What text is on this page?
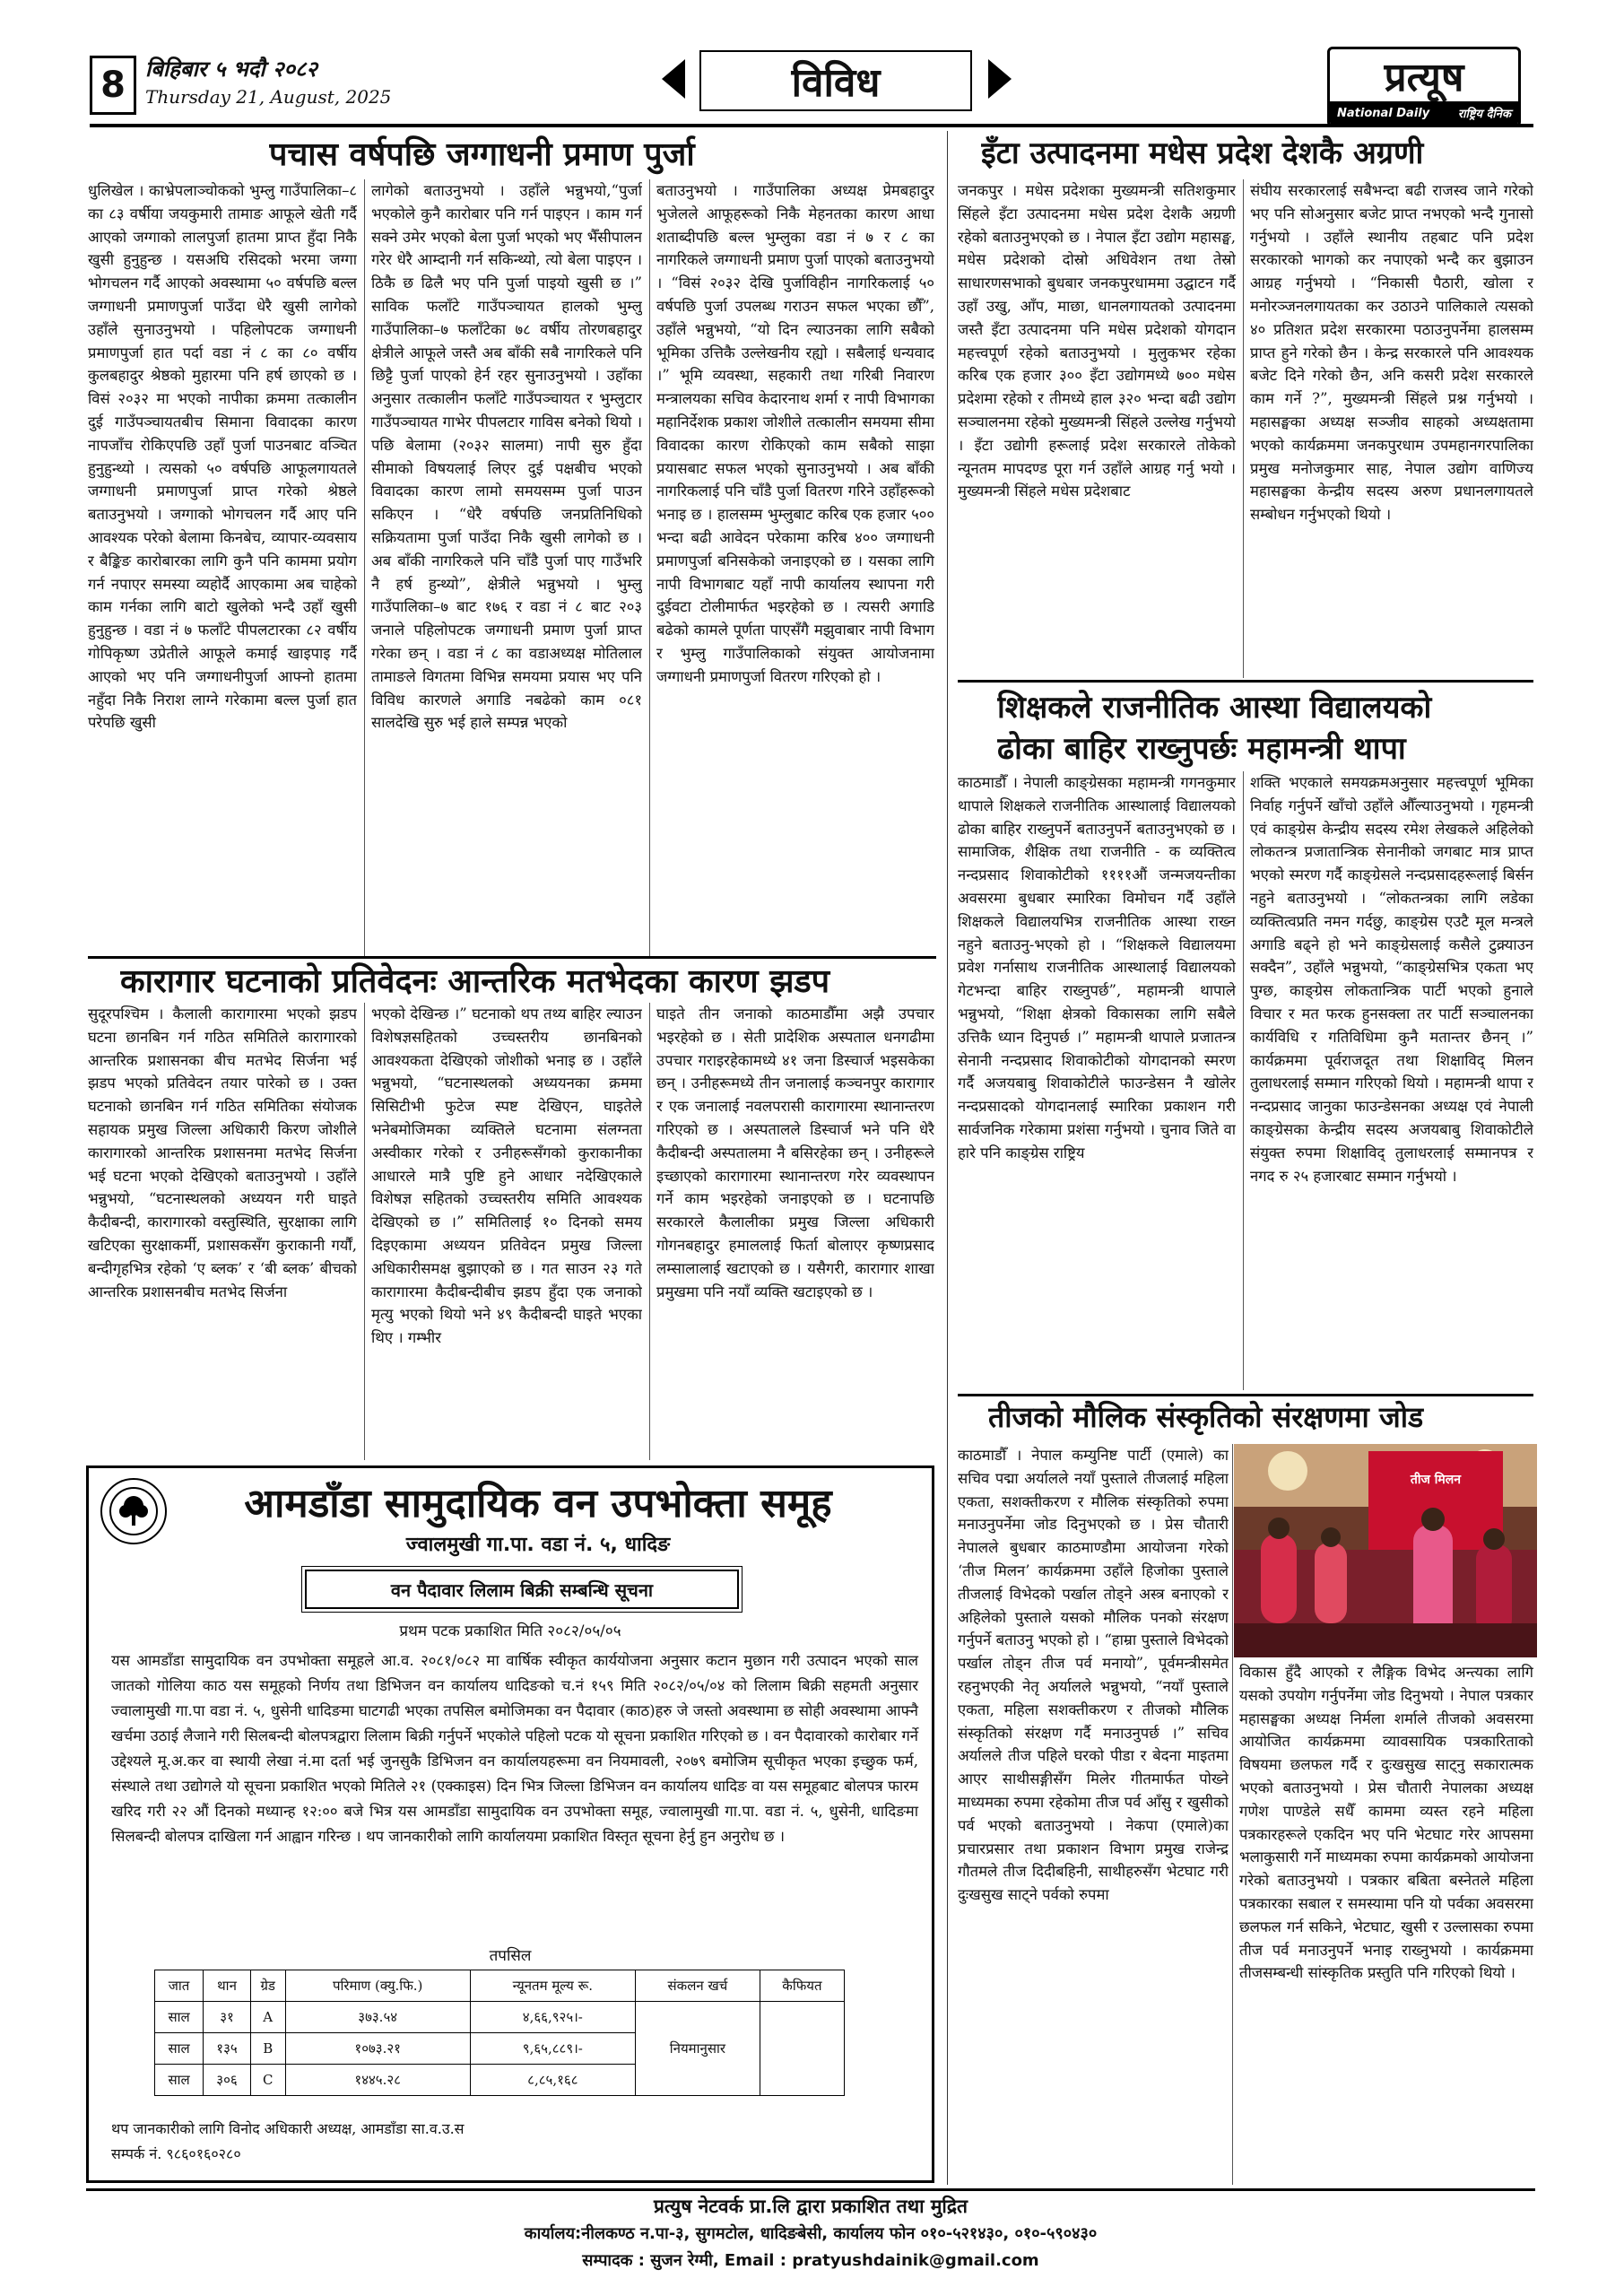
8 बिहिबार ५ भदौ २०८२
Thursday 21, August, 2025	विविध	प्रत्यूष
National Daily	राष्ट्रिय दैनिक
पचास वर्षपछि जग्गाधनी प्रमाण पुर्जा

धुलिखेल । काभ्रेपलाञ्चोकको भुम्लु गाउँपालिका–८ का ८३ वर्षीया जयकुमारी तामाङ आफूले खेती गर्दै आएको जग्गाको लालपुर्जा हातमा प्राप्त हुँदा निकै खुसी हुनुहुन्छ । यसअघि रसिदको भरमा जग्गा भोगचलन गर्दै आएको अवस्थामा ५० वर्षपछि बल्ल जग्गाधनी प्रमाणपुर्जा पाउँदा धेरै खुसी लागेको उहाँले सुनाउनुभयो । पहिलोपटक जग्गाधनी प्रमाणपुर्जा हात पर्दा वडा नं ८ का ८० वर्षीय कुलबहादुर श्रेष्ठको मुहारमा पनि हर्ष छाएको छ । विसं २०३२ मा भएको नापीका क्रममा तत्कालीन दुई गाउँपञ्चायतबीच सिमाना विवादका कारण नापजाँच रोकिएपछि उहाँ पुर्जा पाउनबाट वञ्चित हुनुहुन्थ्यो । त्यसको ५० वर्षपछि आफूलगायतले जग्गाधनी प्रमाणपुर्जा प्राप्त गरेको श्रेष्ठले बताउनुभयो । जग्गाको भोगचलन गर्दै आए पनि आवश्यक परेको बेलामा किनबेच, व्यापार-व्यवसाय र बैङ्किङ कारोबारका लागि कुनै पनि काममा प्रयोग गर्न नपाएर समस्या व्यहोर्दै आएकामा अब चाहेको काम गर्नका लागि बाटो खुलेको भन्दै उहाँ खुसी हुनुहुन्छ । वडा नं ७ फलाँटे पीपलटारका ८२ वर्षीय गोपिकृष्ण उप्रेतीले आफूले कमाई खाइपाइ गर्दै आएको भए पनि जग्गाधनीपुर्जा आफ्नो हातमा नहुँदा निकै निराश लाग्ने गरेकामा बल्ल पुर्जा हात परेपछि खुसी

लागेको बताउनुभयो । उहाँले भन्नुभयो,“पुर्जा भएकोले कुनै कारोबार पनि गर्न पाइएन । काम गर्न सक्ने उमेर भएको बेला पुर्जा भएको भए भैँसीपालन गरेर धेरै आम्दानी गर्न सकिन्थ्यो, त्यो बेला पाइएन । ठिकै छ ढिलै भए पनि पुर्जा पाइयो खुसी छ ।” साविक फलाँटे गाउँपञ्चायत हालको भुम्लु गाउँपालिका–७ फलाँटेका ७८ वर्षीय तोरणबहादुर क्षेत्रीले आफूले जस्तै अब बाँकी सबै नागरिकले पनि छिट्टै पुर्जा पाएको हेर्न रहर सुनाउनुभयो । उहाँका अनुसार तत्कालीन फलाँटे गाउँपञ्चायत र भुम्लुटार गाउँपञ्चायत गाभेर पीपलटार गाविस बनेको थियो । पछि बेलामा (२०३२ सालमा) नापी सुरु हुँदा सीमाको विषयलाई लिएर दुई पक्षबीच भएको विवादका कारण लामो समयसम्म पुर्जा पाउन सकिएन । “धेरै वर्षपछि जनप्रतिनिधिको सक्रियतामा पुर्जा पाउँदा निकै खुसी लागेको छ । अब बाँकी नागरिकले पनि चाँडै पुर्जा पाए गाउँभरि नै हर्ष हुन्थ्यो”, क्षेत्रीले भन्नुभयो । भुम्लु गाउँपालिका–७ बाट १७६ र वडा नं ८ बाट २०३ जनाले पहिलोपटक जग्गाधनी प्रमाण पुर्जा प्राप्त गरेका छन् । वडा नं ८ का वडाअध्यक्ष मोतिलाल तामाङले विगतमा विभिन्न समयमा प्रयास भए पनि विविध कारणले अगाडि नबढेको काम ०८१ सालदेखि सुरु भई हाले सम्पन्न भएको

बताउनुभयो । गाउँपालिका अध्यक्ष प्रेमबहादुर भुजेलले आफूहरूको निकै मेहनतका कारण आधा शताब्दीपछि बल्ल भुम्लुका वडा नं ७ र ८ का नागरिकले जग्गाधनी प्रमाण पुर्जा पाएको बताउनुभयो । “विसं २०३२ देखि पुर्जाविहीन नागरिकलाई ५० वर्षपछि पुर्जा उपलब्ध गराउन सफल भएका छौँ”, उहाँले भन्नुभयो, “यो दिन ल्याउनका लागि सबैको भूमिका उत्तिकै उल्लेखनीय रह्यो । सबैलाई धन्यवाद ।” भूमि व्यवस्था, सहकारी तथा गरिबी निवारण मन्त्रालयका सचिव केदारनाथ शर्मा र नापी विभागका महानिर्देशक प्रकाश जोशीले तत्कालीन समयमा सीमा विवादका कारण रोकिएको काम सबैको साझा प्रयासबाट सफल भएको सुनाउनुभयो । अब बाँकी नागरिकलाई पनि चाँडै पुर्जा वितरण गरिने उहाँहरूको भनाइ छ । हालसम्म भुम्लुबाट करिब एक हजार ५०० भन्दा बढी आवेदन परेकामा करिब ४०० जग्गाधनी प्रमाणपुर्जा बनिसकेको जनाइएको छ । यसका लागि नापी विभागबाट यहाँ नापी कार्यालय स्थापना गरी दुईवटा टोलीमार्फत भइरहेको छ । त्यसरी अगाडि बढेको कामले पूर्णता पाएसँगै मझुवाबार नापी विभाग र भुम्लु गाउँपालिकाको संयुक्त आयोजनामा जग्गाधनी प्रमाणपुर्जा वितरण गरिएको हो ।

इँटा उत्पादनमा मधेस प्रदेश देशकै अग्रणी

जनकपुर । मधेस प्रदेशका मुख्यमन्त्री सतिशकुमार सिंहले इँटा उत्पादनमा मधेस प्रदेश देशकै अग्रणी रहेको बताउनुभएको छ । नेपाल इँटा उद्योग महासङ्घ, मधेस प्रदेशको दोस्रो अधिवेशन तथा तेस्रो साधारणसभाको बुधबार जनकपुरधाममा उद्घाटन गर्दै उहाँ उखु, आँप, माछा, धानलगायतको उत्पादनमा जस्तै इँटा उत्पादनमा पनि मधेस प्रदेशको योगदान महत्त्वपूर्ण रहेको बताउनुभयो । मुलुकभर रहेका करिब एक हजार ३०० इँटा उद्योगमध्ये ७०० मधेस प्रदेशमा रहेको र तीमध्ये हाल ३२० भन्दा बढी उद्योग सञ्चालनमा रहेको मुख्यमन्त्री सिंहले उल्लेख गर्नुभयो । इँटा उद्योगी हरूलाई प्रदेश सरकारले तोकेको न्यूनतम मापदण्ड पूरा गर्न उहाँले आग्रह गर्नु भयो । मुख्यमन्त्री सिंहले मधेस प्रदेशबाट

संघीय सरकारलाई सबैभन्दा बढी राजस्व जाने गरेको भए पनि सोअनुसार बजेट प्राप्त नभएको भन्दै गुनासो गर्नुभयो । उहाँले स्थानीय तहबाट पनि प्रदेश सरकारको भागको कर नपाएको भन्दै कर बुझाउन आग्रह गर्नुभयो । “निकासी पैठारी, खोला र मनोरञ्जनलगायतका कर उठाउने पालिकाले त्यसको ४० प्रतिशत प्रदेश सरकारमा पठाउनुपर्नेमा हालसम्म प्राप्त हुने गरेको छैन । केन्द्र सरकारले पनि आवश्यक बजेट दिने गरेको छैन, अनि कसरी प्रदेश सरकारले काम गर्ने ?”, मुख्यमन्त्री सिंहले प्रश्न गर्नुभयो । महासङ्घका अध्यक्ष सञ्जीव साहको अध्यक्षतामा भएको कार्यक्रममा जनकपुरधाम उपमहानगरपालिका प्रमुख मनोजकुमार साह, नेपाल उद्योग वाणिज्य महासङ्घका केन्द्रीय सदस्य अरुण प्रधानलगायतले सम्बोधन गर्नुभएको थियो ।

शिक्षकले राजनीतिक आस्था विद्यालयको
ढोका बाहिर राख्नुपर्छः महामन्त्री थापा

काठमाडौँ । नेपाली काङ्ग्रेसका महामन्त्री गगनकुमार थापाले शिक्षकले राजनीतिक आस्थालाई विद्यालयको ढोका बाहिर राख्नुपर्ने बताउनुपर्ने बताउनुभएको छ । सामाजिक, शैक्षिक तथा राजनीति - क व्यक्तित्व नन्दप्रसाद शिवाकोटीको ११११औं जन्मजयन्तीका अवसरमा बुधबार स्मारिका विमोचन गर्दै उहाँले शिक्षकले विद्यालयभित्र राजनीतिक आस्था राख्न नहुने बताउनु-भएको हो । “शिक्षकले विद्यालयमा प्रवेश गर्नासाथ राजनीतिक आस्थालाई विद्यालयको गेटभन्दा बाहिर राख्नुपर्छ”, महामन्त्री थापाले भन्नुभयो, “शिक्षा क्षेत्रको विकासका लागि सबैले उत्तिकै ध्यान दिनुपर्छ ।” महामन्त्री थापाले प्रजातन्त्र सेनानी नन्दप्रसाद शिवाकोटीको योगदानको स्मरण गर्दै अजयबाबु शिवाकोटीले फाउन्डेसन नै खोलेर नन्दप्रसादको योगदानलाई स्मारिका प्रकाशन गरी सार्वजनिक गरेकामा प्रशंसा गर्नुभयो । चुनाव जिते वा हारे पनि काङ्ग्रेस राष्ट्रिय

शक्ति भएकाले समयक्रमअनुसार महत्त्वपूर्ण भूमिका निर्वाह गर्नुपर्ने खाँचो उहाँले औँल्याउनुभयो । गृहमन्त्री एवं काङ्ग्रेस केन्द्रीय सदस्य रमेश लेखकले अहिलेको लोकतन्त्र प्रजातान्त्रिक सेनानीको जगबाट मात्र प्राप्त भएको स्मरण गर्दै काङ्ग्रेसले नन्दप्रसादहरूलाई बिर्सन नहुने बताउनुभयो । “लोकतन्त्रका लागि लडेका व्यक्तित्वप्रति नमन गर्दछु, काङ्ग्रेस एउटै मूल मन्त्रले अगाडि बढ्ने हो भने काङ्ग्रेसलाई कसैले टुक्र्याउन सक्दैन”, उहाँले भन्नुभयो, “काङ्ग्रेसभित्र एकता भए पुग्छ, काङ्ग्रेस लोकतान्त्रिक पार्टी भएको हुनाले विचार र मत फरक हुनसक्ला तर पार्टी सञ्चालनका कार्यविधि र गतिविधिमा कुनै मतान्तर छैनन् ।” कार्यक्रममा पूर्वराजदूत तथा शिक्षाविद् मिलन तुलाधरलाई सम्मान गरिएको थियो । महामन्त्री थापा र नन्दप्रसाद जानुका फाउन्डेसनका अध्यक्ष एवं नेपाली काङ्ग्रेसका केन्द्रीय सदस्य अजयबाबु शिवाकोटीले संयुक्त रुपमा शिक्षाविद् तुलाधरलाई सम्मानपत्र र नगद रु २५ हजारबाट सम्मान गर्नुभयो ।

कारागार घटनाको प्रतिवेदनः आन्तरिक मतभेदका कारण झडप

सुदूरपश्चिम । कैलाली कारागारमा भएको झडप घटना छानबिन गर्न गठित समितिले कारागारको आन्तरिक प्रशासनका बीच मतभेद सिर्जना भई झडप भएको प्रतिवेदन तयार पारेको छ । उक्त घटनाको छानबिन गर्न गठित समितिका संयोजक सहायक प्रमुख जिल्ला अधिकारी किरण जोशीले कारागारको आन्तरिक प्रशासनमा मतभेद सिर्जना भई घटना भएको देखिएको बताउनुभयो । उहाँले भन्नुभयो, “घटनास्थलको अध्ययन गरी घाइते कैदीबन्दी, कारागारको वस्तुस्थिति, सुरक्षाका लागि खटिएका सुरक्षाकर्मी, प्रशासकसँग कुराकानी गर्यौं, बन्दीगृहभित्र रहेको ‘ए ब्लक’ र ‘बी ब्लक’ बीचको आन्तरिक प्रशासनबीच मतभेद सिर्जना

भएको देखिन्छ ।” घटनाको थप तथ्य बाहिर ल्याउन विशेषज्ञसहितको उच्चस्तरीय छानबिनको आवश्यकता देखिएको जोशीको भनाइ छ । उहाँले भन्नुभयो, “घटनास्थलको अध्ययनका क्रममा सिसिटीभी फुटेज स्पष्ट देखिएन, घाइतेले भनेबमोजिमका व्यक्तिले घटनामा संलग्नता अस्वीकार गरेको र उनीहरूसँगको कुराकानीका आधारले मात्रै पुष्टि हुने आधार नदेखिएकाले विशेषज्ञ सहितको उच्चस्तरीय समिति आवश्यक देखिएको छ ।” समितिलाई १० दिनको समय दिइएकामा अध्ययन प्रतिवेदन प्रमुख जिल्ला अधिकारीसमक्ष बुझाएको छ । गत साउन २३ गते कारागारमा कैदीबन्दीबीच झडप हुँदा एक जनाको मृत्यु भएको थियो भने ४९ कैदीबन्दी घाइते भएका थिए । गम्भीर

घाइते तीन जनाको काठमाडौँमा अझै उपचार भइरहेको छ । सेती प्रादेशिक अस्पताल धनगढीमा उपचार गराइरहेकामध्ये ४१ जना डिस्चार्ज भइसकेका छन् । उनीहरूमध्ये तीन जनालाई कञ्चनपुर कारागार र एक जनालाई नवलपरासी कारागारमा स्थानान्तरण गरिएको छ । अस्पतालले डिस्चार्ज भने पनि धेरै कैदीबन्दी अस्पतालमा नै बसिरहेका छन् । उनीहरूले इच्छाएको कारागारमा स्थानान्तरण गरेर व्यवस्थापन गर्ने काम भइरहेको जनाइएको छ । घटनापछि सरकारले कैलालीका प्रमुख जिल्ला अधिकारी गोगनबहादुर हमाललाई फिर्ता बोलाएर कृष्णप्रसाद लम्सालालाई खटाएको छ । यसैगरी, कारागार शाखा प्रमुखमा पनि नयाँ व्यक्ति खटाइएको छ ।

तीजको मौलिक संस्कृतिको संरक्षणमा जोड

काठमाडौँ । नेपाल कम्युनिष्ट पार्टी (एमाले) का सचिव पद्मा अर्यालले नयाँ पुस्ताले तीजलाई महिला एकता, सशक्तीकरण र मौलिक संस्कृतिको रुपमा मनाउनुपर्नेमा जोड दिनुभएको छ । प्रेस चौतारी नेपालले बुधबार काठमाण्डौमा आयोजना गरेको ‘तीज मिलन’ कार्यक्रममा उहाँले हिजोका पुस्ताले तीजलाई विभेदको पर्खाल तोड्ने अस्त्र बनाएको र अहिलेको पुस्ताले यसको मौलिक पनको संरक्षण गर्नुपर्ने बताउनु भएको हो । “हाम्रा पुस्ताले विभेदको पर्खाल तोड्न तीज पर्व मनायो”, पूर्वमन्त्रीसमेत रहनुभएकी नेतृ अर्यालले भन्नुभयो, “नयाँ पुस्ताले एकता, महिला सशक्तीकरण र तीजको मौलिक संस्कृतिको संरक्षण गर्दै मनाउनुपर्छ ।” सचिव अर्यालले तीज पहिले घरको पीडा र बेदना माइतमा आएर साथीसङ्गीसँग मिलेर गीतमार्फत पोख्ने माध्यमका रुपमा रहेकोमा तीज पर्व आँसु र खुसीको पर्व भएको बताउनुभयो । नेकपा (एमाले)का प्रचारप्रसार तथा प्रकाशन विभाग प्रमुख राजेन्द्र गौतमले तीज दिदीबहिनी, साथीहरुसँग भेटघाट गरी दुःखसुख साट्ने पर्वको रुपमा

तीज मिलन

विकास हुँदै आएको र लैङ्गिक विभेद अन्त्यका लागि यसको उपयोग गर्नुपर्नेमा जोड दिनुभयो । नेपाल पत्रकार महासङ्घका अध्यक्ष निर्मला शर्माले तीजको अवसरमा आयोजित कार्यक्रममा व्यावसायिक पत्रकारिताको विषयमा छलफल गर्दै र दुःखसुख साट्नु सकारात्मक भएको बताउनुभयो । प्रेस चौतारी नेपालका अध्यक्ष गणेश पाण्डेले सधैँ काममा व्यस्त रहने महिला पत्रकारहरूले एकदिन भए पनि भेटघाट गरेर आपसमा भलाकुसारी गर्ने माध्यमका रुपमा कार्यक्रमको आयोजना गरेको बताउनुभयो । पत्रकार बबिता बस्नेतले महिला पत्रकारका सबाल र समस्यामा पनि यो पर्वका अवसरमा छलफल गर्न सकिने, भेटघाट, खुसी र उल्लासका रुपमा तीज पर्व मनाउनुपर्ने भनाइ राख्नुभयो । कार्यक्रममा तीजसम्बन्धी सांस्कृतिक प्रस्तुति पनि गरिएको थियो ।

आमडाँडा सामुदायिक वन उपभोक्ता समूह
ज्वालमुखी गा.पा. वडा नं. ५, धादिङ
वन पैदावार लिलाम बिक्री सम्बन्धि सूचना
प्रथम पटक प्रकाशित मिति २०८२/०५/०५
यस आमडाँडा सामुदायिक वन उपभोक्ता समूहले आ.व. २०८१/०८२ मा वार्षिक स्वीकृत कार्ययोजना अनुसार कटान मुछान गरी उत्पादन भएको साल जातको गोलिया काठ यस समूहको निर्णय तथा डिभिजन वन कार्यालय धादिङको च.नं १५९ मिति २०८२/०५/०४ को लिलाम बिक्री सहमती अनुसार ज्वालामुखी गा.पा वडा नं. ५, धुसेनी धादिङमा घाटगढी भएका तपसिल बमोजिमका वन पैदावार (काठ)हरु जे जस्तो अवस्थामा छ सोही अवस्थामा आफ्नै खर्चमा उठाई लैजाने गरी सिलबन्दी बोलपत्रद्वारा लिलाम बिक्री गर्नुपर्ने भएकोले पहिलो पटक यो सूचना प्रकाशित गरिएको छ । वन पैदावारको कारोबार गर्ने उद्देश्यले मू.अ.कर वा स्थायी लेखा नं.मा दर्ता भई जुनसुकै डिभिजन वन कार्यालयहरूमा वन नियमावली, २०७९ बमोजिम सूचीकृत भएका इच्छुक फर्म, संस्थाले तथा उद्योगले यो सूचना प्रकाशित भएको मितिले २१ (एक्काइस) दिन भित्र जिल्ला डिभिजन वन कार्यालय धादिङ वा यस समूहबाट बोलपत्र फारम खरिद गरी २२ औं दिनको मध्यान्ह १२:०० बजे भित्र यस आमडाँडा सामुदायिक वन उपभोक्ता समूह, ज्वालामुखी गा.पा. वडा नं. ५, धुसेनी, धादिङमा सिलबन्दी बोलपत्र दाखिला गर्न आह्वान गरिन्छ । थप जानकारीको लागि कार्यालयमा प्रकाशित विस्तृत सूचना हेर्नु हुन अनुरोध छ ।
तपसिल
जात	थान	ग्रेड	परिमाण (क्यु.फि.)	न्यूनतम मूल्य रू.	संकलन खर्च	कैफियत
साल	३१	A	३७३.५४	४,६६,९२५।-	नियमानुसार	
साल	१३५	B	१०७३.२१	९,६५,८८९।-		
साल	३०६	C	१४४५.२८	८,८५,१६८		
थप जानकारीको लागि विनोद अधिकारी अध्यक्ष, आमडाँडा सा.व.उ.स
सम्पर्क नं. ९८६०१६०२८०
प्रत्युष नेटवर्क प्रा.लि द्वारा प्रकाशित तथा मुद्रित
कार्यालय:नीलकण्ठ न.पा-३, सुगमटोल, धादिङबेसी, कार्यालय फोन ०१०-५२१४३०, ०१०-५९०४३०
सम्पादक : सुजन रेग्मी, Email : pratyushdainik@gmail.com
